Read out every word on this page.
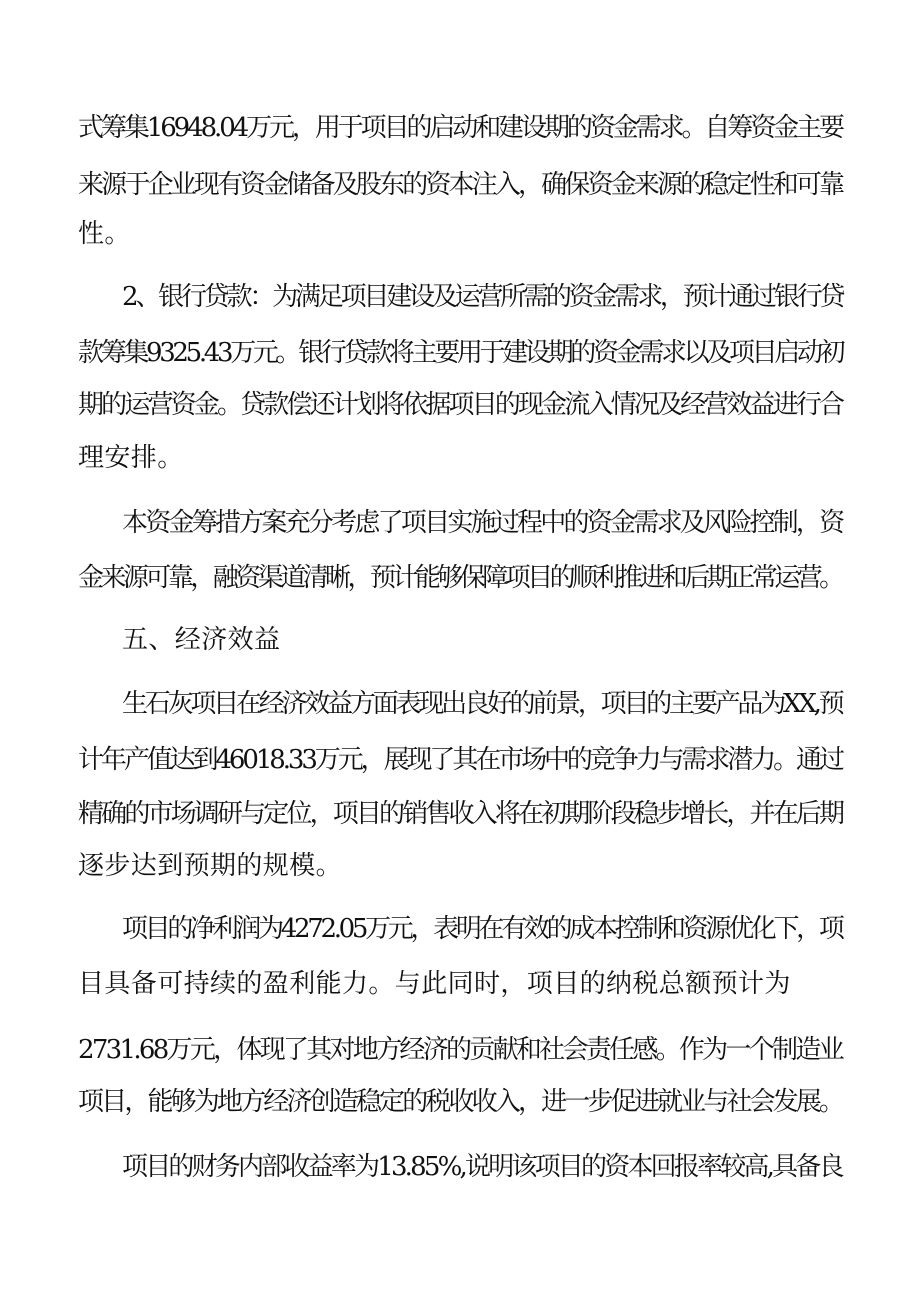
式筹集16948.04万元，用于项目的启动和建设期的资金需求。自筹资金主要
来源于企业现有资金储备及股东的资本注入，确保资金来源的稳定性和可靠
性。
2、银行贷款：为满足项目建设及运营所需的资金需求，预计通过银行贷
款筹集9325.43万元。银行贷款将主要用于建设期的资金需求以及项目启动初
期的运营资金。贷款偿还计划将依据项目的现金流入情况及经营效益进行合
理安排。
本资金筹措方案充分考虑了项目实施过程中的资金需求及风险控制，资
金来源可靠，融资渠道清晰，预计能够保障项目的顺利推进和后期正常运营。
五、经济效益
生石灰项目在经济效益方面表现出良好的前景，项目的主要产品为XX,预
计年产值达到46018.33万元，展现了其在市场中的竞争力与需求潜力。通过
精确的市场调研与定位，项目的销售收入将在初期阶段稳步增长，并在后期
逐步达到预期的规模。
项目的净利润为4272.05万元，表明在有效的成本控制和资源优化下，项
目具备可持续的盈利能力。与此同时，项目的纳税总额预计为
2731.68万元，体现了其对地方经济的贡献和社会责任感。作为一个制造业
项目，能够为地方经济创造稳定的税收收入，进一步促进就业与社会发展。
项目的财务内部收益率为13.85%,说明该项目的资本回报率较高,具备良
